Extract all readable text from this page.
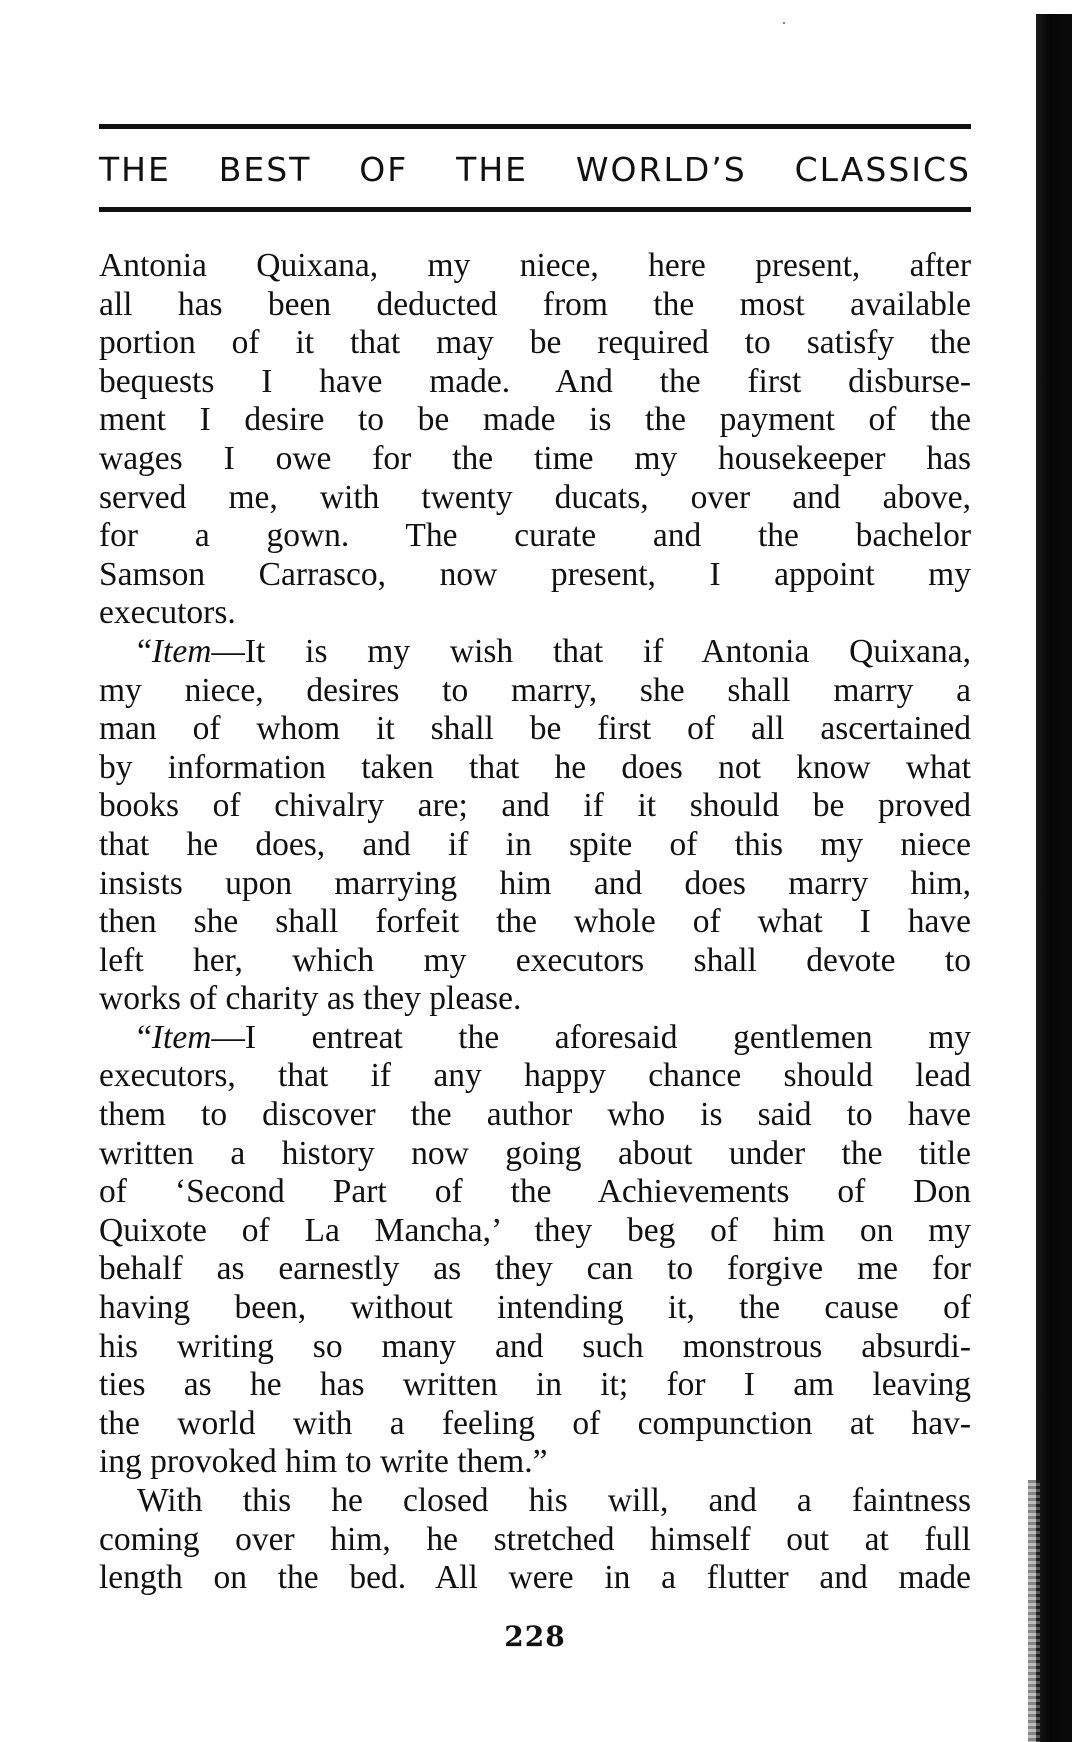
THE BEST OF THE WORLD’S CLASSICS
Antonia Quixana, my niece, here present, after
all has been deducted from the most available
portion of it that may be required to satisfy the
bequests I have made. And the first disburse-
ment I desire to be made is the payment of the
wages I owe for the time my housekeeper has
served me, with twenty ducats, over and above,
for a gown. The curate and the bachelor
Samson Carrasco, now present, I appoint my
executors.
“Item—It is my wish that if Antonia Quixana,
my niece, desires to marry, she shall marry a
man of whom it shall be first of all ascertained
by information taken that he does not know what
books of chivalry are; and if it should be proved
that he does, and if in spite of this my niece
insists upon marrying him and does marry him,
then she shall forfeit the whole of what I have
left her, which my executors shall devote to
works of charity as they please.
“Item—I entreat the aforesaid gentlemen my
executors, that if any happy chance should lead
them to discover the author who is said to have
written a history now going about under the title
of ‘Second Part of the Achievements of Don
Quixote of La Mancha,’ they beg of him on my
behalf as earnestly as they can to forgive me for
having been, without intending it, the cause of
his writing so many and such monstrous absurdi-
ties as he has written in it; for I am leaving
the world with a feeling of compunction at hav-
ing provoked him to write them.”
With this he closed his will, and a faintness
coming over him, he stretched himself out at full
length on the bed. All were in a flutter and made
228
